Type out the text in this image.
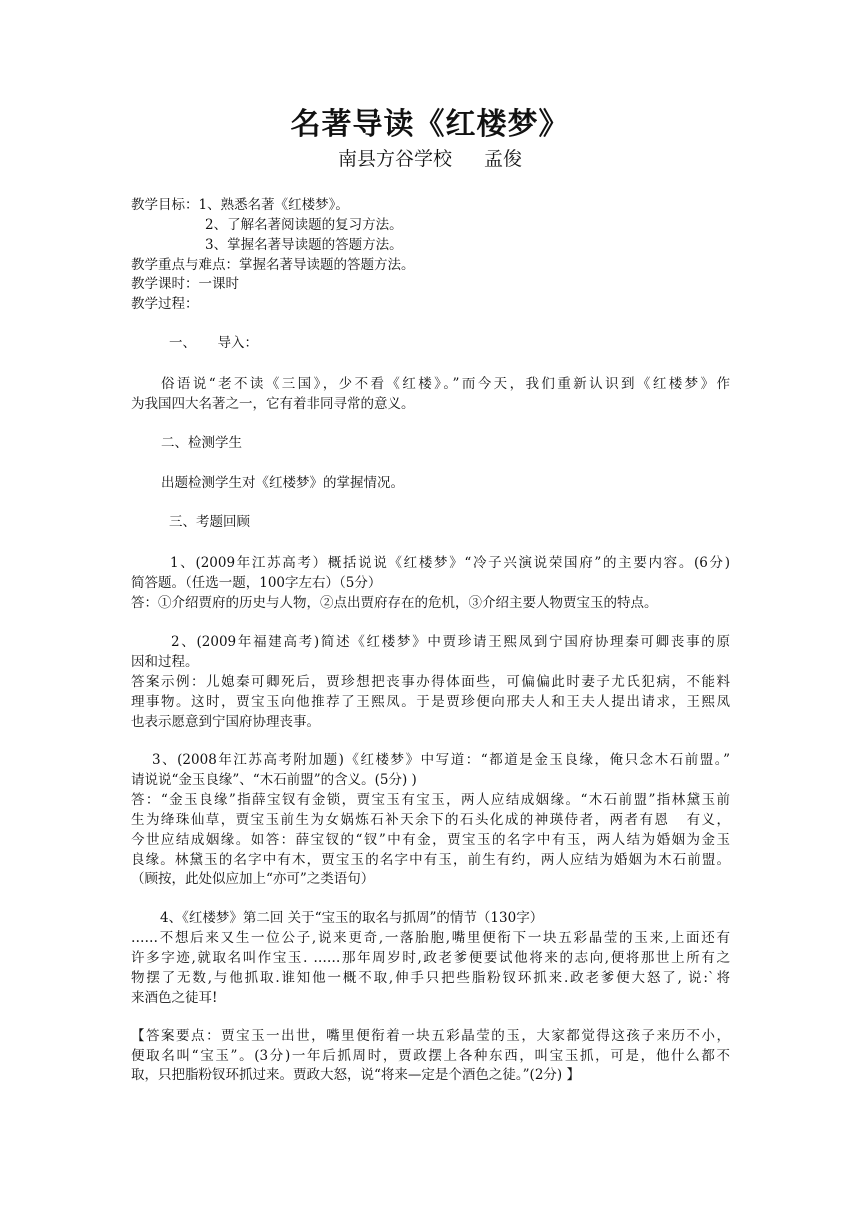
名著导读《红楼梦》
南县方谷学校 孟俊
教学目标：1、熟悉名著《红楼梦》。
2、了解名著阅读题的复习方法。
3、掌握名著导读题的答题方法。
教学重点与难点：掌握名著导读题的答题方法。
教学课时：一课时
教学过程：
一、     导入：
俗语说“老不读《三国》，少不看《红楼》。”而今天，我们重新认识到《红楼梦》作
为我国四大名著之一，它有着非同寻常的意义。
二、检测学生
出题检测学生对《红楼梦》的掌握情况。
三、考题回顾
1、(2009年江苏高考）概括说说《红楼梦》“冷子兴演说荣国府”的主要内容。(6分)
简答题。（任选一题，100字左右）（5分）
答：①介绍贾府的历史与人物，②点出贾府存在的危机，③介绍主要人物贾宝玉的特点。
2、(2009年福建高考)简述《红楼梦》中贾珍请王熙凤到宁国府协理秦可卿丧事的原
因和过程。
答案示例：儿媳秦可卿死后，贾珍想把丧事办得体面些，可偏偏此时妻子尤氏犯病，不能料
理事物。这时，贾宝玉向他推荐了王熙凤。于是贾珍便向邢夫人和王夫人提出请求，王熙凤
也表示愿意到宁国府协理丧事。
3、(2008年江苏高考附加题)《红楼梦》中写道：“都道是金玉良缘，俺只念木石前盟。”
请说说“金玉良缘”、“木石前盟”的含义。(5分) )
答：“金玉良缘”指薛宝钗有金锁，贾宝玉有宝玉，两人应结成姻缘。“木石前盟”指林黛玉前
生为绛珠仙草，贾宝玉前生为女娲炼石补天余下的石头化成的神瑛侍者，两者有恩   有义，
今世应结成姻缘。如答：薛宝钗的“钗”中有金，贾宝玉的名字中有玉，两人结为婚姻为金玉
良缘。林黛玉的名字中有木，贾宝玉的名字中有玉，前生有约，两人应结为婚姻为木石前盟。
（顾按，此处似应加上“亦可”之类语句）
4、《红楼梦》第二回 关于“宝玉的取名与抓周”的情节（130字）
……不想后来又生一位公子,说来更奇,一落胎胞,嘴里便衔下一块五彩晶莹的玉来,上面还有
许多字迹,就取名叫作宝玉. ……那年周岁时,政老爹便要试他将来的志向,便将那世上所有之
物摆了无数,与他抓取.谁知他一概不取,伸手只把些脂粉钗环抓来.政老爹便大怒了, 说:`将
来酒色之徒耳!
【答案要点：贾宝玉一出世，嘴里便衔着一块五彩晶莹的玉，大家都觉得这孩子来历不小，
便取名叫“宝玉”。(3分)一年后抓周时，贾政摆上各种东西，叫宝玉抓，可是，他什么都不
取，只把脂粉钗环抓过来。贾政大怒，说“将来—定是个酒色之徒。”(2分) 】
